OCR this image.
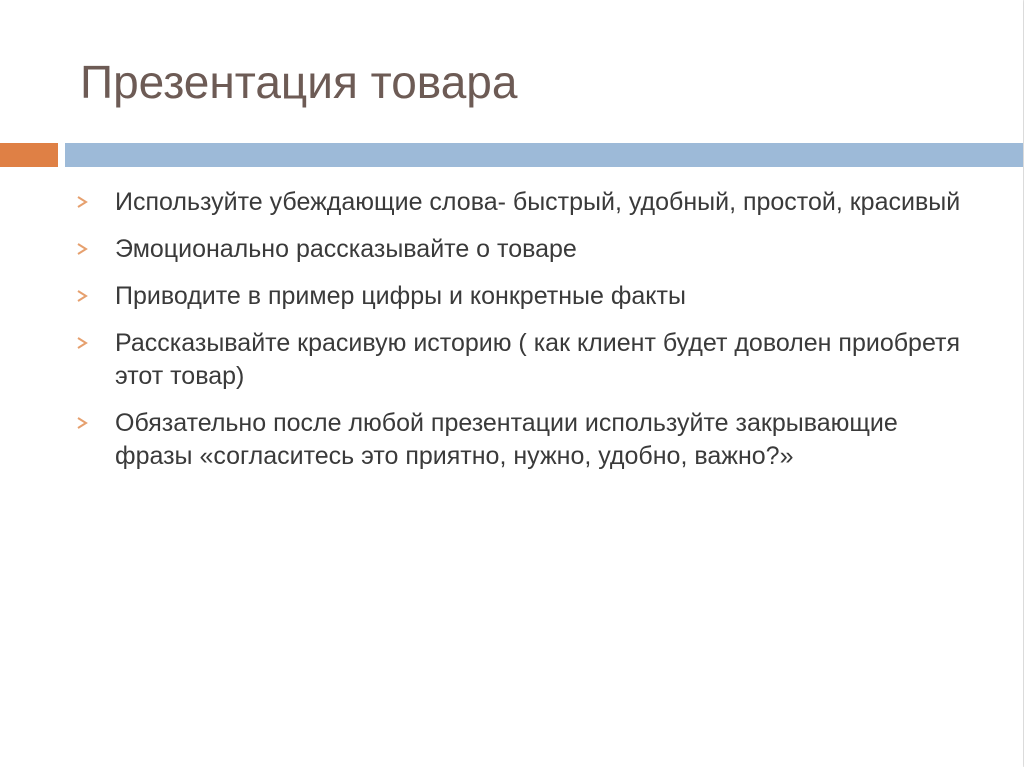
Презентация товара
Используйте убеждающие слова- быстрый, удобный, простой, красивый
Эмоционально рассказывайте о товаре
Приводите в пример цифры и конкретные факты
Рассказывайте красивую историю ( как клиент будет доволен приобретя этот товар)
Обязательно после любой презентации используйте закрывающие фразы «согласитесь это приятно, нужно, удобно, важно?»
